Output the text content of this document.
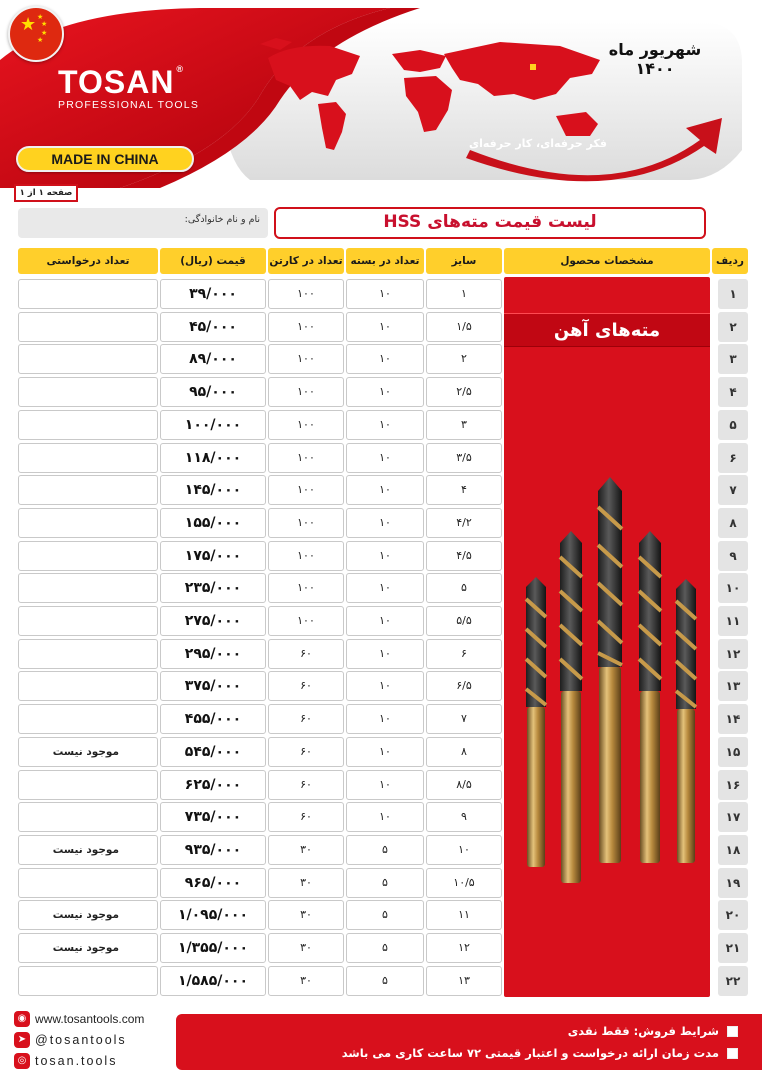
★ ★
★
★
★
TOSAN ®
PROFESSIONAL TOOLS
MADE IN CHINA
شهریور ماه
۱۴۰۰
فکر حرفه‌ای، کار حرفه‌ای
صفحه ۱ از ۱
نام و نام خانوادگی:	لیست قیمت مته‌های HSS
ردیف
مشخصات محصول
سایز
تعداد در بسته
تعداد در کارتن
قیمت (ریال)
تعداد درخواستی
مته‌های آهن
۳۹/۰۰۰	۱۰۰	۱۰	۱	۱
۴۵/۰۰۰	۱۰۰	۱۰	۱/۵	۲
۸۹/۰۰۰	۱۰۰	۱۰	۲	۳
۹۵/۰۰۰	۱۰۰	۱۰	۲/۵	۴
۱۰۰/۰۰۰	۱۰۰	۱۰	۳	۵
۱۱۸/۰۰۰	۱۰۰	۱۰	۳/۵	۶
۱۴۵/۰۰۰	۱۰۰	۱۰	۴	۷
۱۵۵/۰۰۰	۱۰۰	۱۰	۴/۲	۸
۱۷۵/۰۰۰	۱۰۰	۱۰	۴/۵	۹
۲۳۵/۰۰۰	۱۰۰	۱۰	۵	۱۰
۲۷۵/۰۰۰	۱۰۰	۱۰	۵/۵	۱۱
۲۹۵/۰۰۰	۶۰	۱۰	۶	۱۲
۳۷۵/۰۰۰	۶۰	۱۰	۶/۵	۱۳
۴۵۵/۰۰۰	۶۰	۱۰	۷	۱۴
موجود نیست	۵۴۵/۰۰۰	۶۰	۱۰	۸	۱۵
۶۲۵/۰۰۰	۶۰	۱۰	۸/۵	۱۶
۷۳۵/۰۰۰	۶۰	۱۰	۹	۱۷
موجود نیست	۹۳۵/۰۰۰	۳۰	۵	۱۰	۱۸
۹۶۵/۰۰۰	۳۰	۵	۱۰/۵	۱۹
موجود نیست	۱/۰۹۵/۰۰۰	۳۰	۵	۱۱	۲۰
موجود نیست	۱/۳۵۵/۰۰۰	۳۰	۵	۱۲	۲۱
۱/۵۸۵/۰۰۰	۳۰	۵	۱۳	۲۲
◉ www.tosantools.com
➤ @tosantools
◎ tosan.tools
شرایط فروش: فقط نقدی
مدت زمان ارائه درخواست و اعتبار قیمتی ۷۲ ساعت کاری می باشد
